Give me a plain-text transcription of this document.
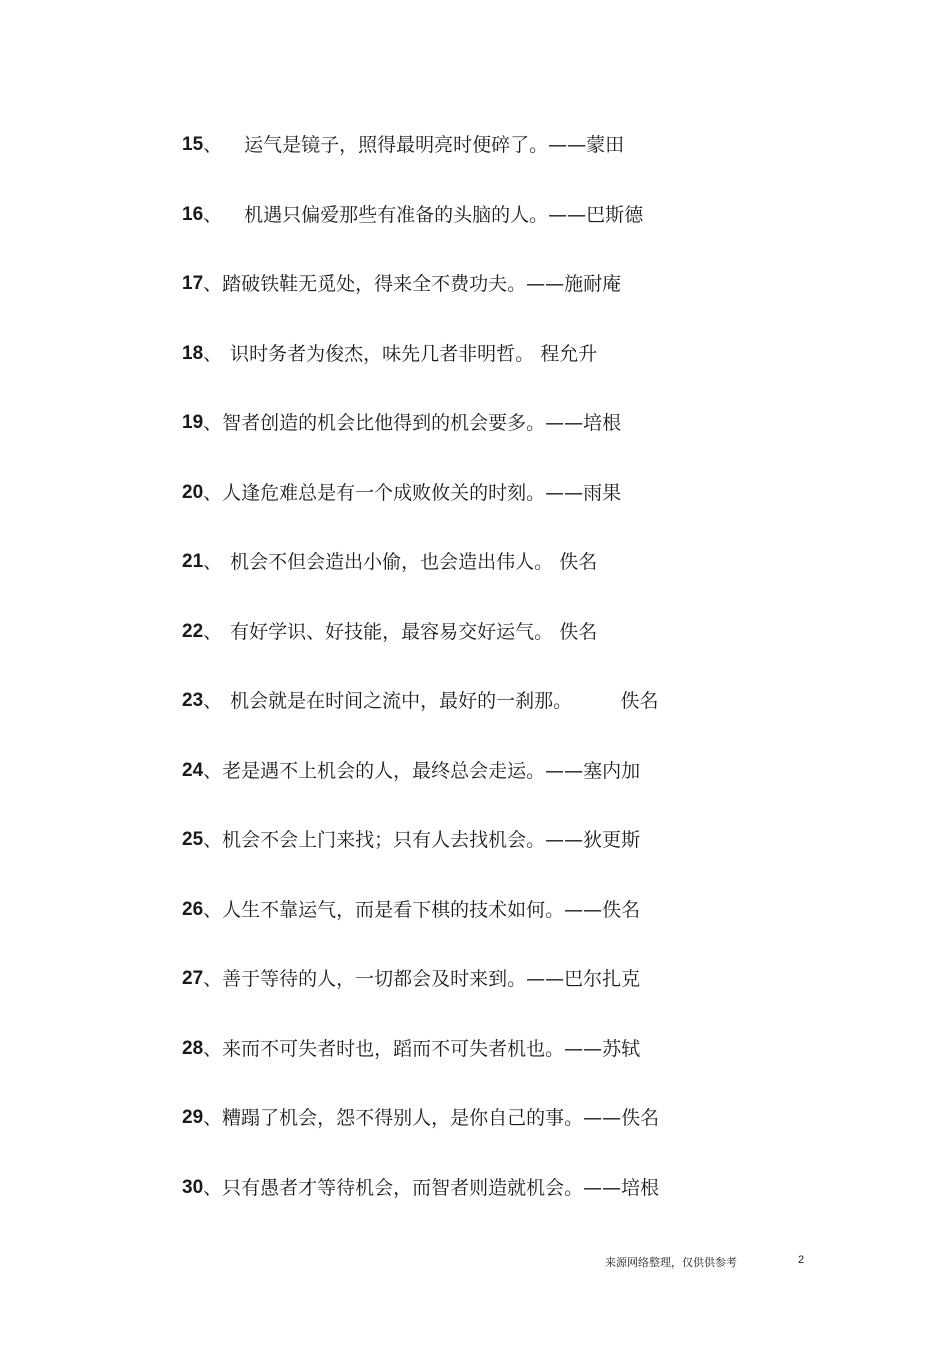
15 、 运气是镜子，照得最明亮时便碎了。——蒙田
16 、 机遇只偏爱那些有准备的头脑的人。——巴斯德
17 、 踏破铁鞋无觅处，得来全不费功夫。——施耐庵
18 、 识时务者为俊杰，味先几者非明哲。 程允升
19 、 智者创造的机会比他得到的机会要多。——培根
20 、 人逢危难总是有一个成败攸关的时刻。——雨果
21 、 机会不但会造出小偷，也会造出伟人。 佚名
22 、 有好学识、好技能，最容易交好运气。 佚名
23 、 机会就是在时间之流中，最好的一刹那。        佚名
24 、 老是遇不上机会的人，最终总会走运。——塞内加
25 、 机会不会上门来找；只有人去找机会。——狄更斯
26 、 人生不靠运气，而是看下棋的技术如何。——佚名
27 、 善于等待的人，一切都会及时来到。——巴尔扎克
28 、 来而不可失者时也，蹈而不可失者机也。——苏轼
29 、 糟蹋了机会，怨不得别人，是你自己的事。——佚名
30 、 只有愚者才等待机会，而智者则造就机会。——培根
来源网络整理，仅供供参考	2
